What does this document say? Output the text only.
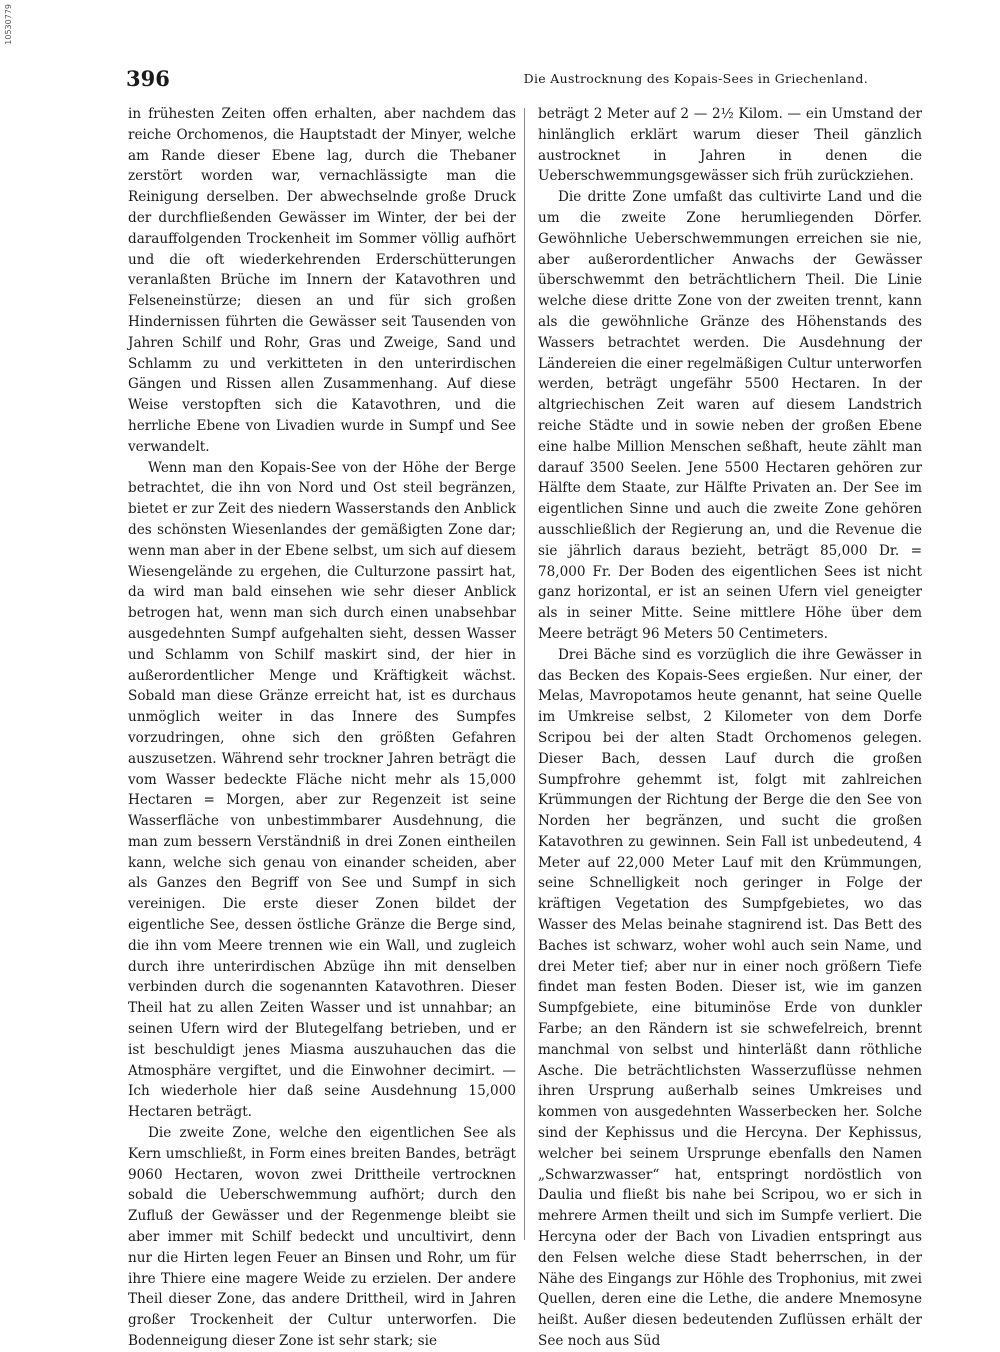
10530779
396	Die Austrocknung des Kopais-Sees in Griechenland.

in frühesten Zeiten offen erhalten, aber nachdem das reiche Orchomenos, die Hauptstadt der Minyer, welche am Rande dieser Ebene lag, durch die Thebaner zerstört worden war, vernachlässigte man die Reinigung derselben. Der abwechselnde große Druck der durchfließenden Gewässer im Winter, der bei der darauffolgenden Trockenheit im Sommer völlig aufhört und die oft wiederkehrenden Erderschütterungen veranlaßten Brüche im Innern der Katavothren und Felseneinstürze; diesen an und für sich großen Hindernissen führten die Gewässer seit Tausenden von Jahren Schilf und Rohr, Gras und Zweige, Sand und Schlamm zu und verkitteten in den unterirdischen Gängen und Rissen allen Zusammenhang. Auf diese Weise verstopften sich die Katavothren, und die herrliche Ebene von Livadien wurde in Sumpf und See verwandelt.

Wenn man den Kopais-See von der Höhe der Berge betrachtet, die ihn von Nord und Ost steil begränzen, bietet er zur Zeit des niedern Wasserstands den Anblick des schönsten Wiesenlandes der gemäßigten Zone dar; wenn man aber in der Ebene selbst, um sich auf diesem Wiesengelände zu ergehen, die Culturzone passirt hat, da wird man bald einsehen wie sehr dieser Anblick betrogen hat, wenn man sich durch einen unabsehbar ausgedehnten Sumpf aufgehalten sieht, dessen Wasser und Schlamm von Schilf maskirt sind, der hier in außerordentlicher Menge und Kräftigkeit wächst. Sobald man diese Gränze erreicht hat, ist es durchaus unmöglich weiter in das Innere des Sumpfes vorzudringen, ohne sich den größten Gefahren auszusetzen. Während sehr trockner Jahren beträgt die vom Wasser bedeckte Fläche nicht mehr als 15,000 Hectaren = Morgen, aber zur Regenzeit ist seine Wasserfläche von unbestimmbarer Ausdehnung, die man zum bessern Verständniß in drei Zonen eintheilen kann, welche sich genau von einander scheiden, aber als Ganzes den Begriff von See und Sumpf in sich vereinigen. Die erste dieser Zonen bildet der eigentliche See, dessen östliche Gränze die Berge sind, die ihn vom Meere trennen wie ein Wall, und zugleich durch ihre unterirdischen Abzüge ihn mit denselben verbinden durch die sogenannten Katavothren. Dieser Theil hat zu allen Zeiten Wasser und ist unnahbar; an seinen Ufern wird der Blutegelfang betrieben, und er ist beschuldigt jenes Miasma auszuhauchen das die Atmosphäre vergiftet, und die Einwohner decimirt. — Ich wiederhole hier daß seine Ausdehnung 15,000 Hectaren beträgt.

Die zweite Zone, welche den eigentlichen See als Kern umschließt, in Form eines breiten Bandes, beträgt 9060 Hectaren, wovon zwei Drittheile vertrocknen sobald die Ueberschwemmung aufhört; durch den Zufluß der Gewässer und der Regenmenge bleibt sie aber immer mit Schilf bedeckt und uncultivirt, denn nur die Hirten legen Feuer an Binsen und Rohr, um für ihre Thiere eine magere Weide zu erzielen. Der andere Theil dieser Zone, das andere Drittheil, wird in Jahren großer Trockenheit der Cultur unterworfen. Die Bodenneigung dieser Zone ist sehr stark; sie

beträgt 2 Meter auf 2 — 2½ Kilom. — ein Umstand der hinlänglich erklärt warum dieser Theil gänzlich austrocknet in Jahren in denen die Ueberschwemmungsgewässer sich früh zurückziehen.

Die dritte Zone umfaßt das cultivirte Land und die um die zweite Zone herumliegenden Dörfer. Gewöhnliche Ueberschwemmungen erreichen sie nie, aber außerordentlicher Anwachs der Gewässer überschwemmt den beträchtlichern Theil. Die Linie welche diese dritte Zone von der zweiten trennt, kann als die gewöhnliche Gränze des Höhenstands des Wassers betrachtet werden. Die Ausdehnung der Ländereien die einer regelmäßigen Cultur unterworfen werden, beträgt ungefähr 5500 Hectaren. In der altgriechischen Zeit waren auf diesem Landstrich reiche Städte und in sowie neben der großen Ebene eine halbe Million Menschen seßhaft, heute zählt man darauf 3500 Seelen. Jene 5500 Hectaren gehören zur Hälfte dem Staate, zur Hälfte Privaten an. Der See im eigentlichen Sinne und auch die zweite Zone gehören ausschließlich der Regierung an, und die Revenue die sie jährlich daraus bezieht, beträgt 85,000 Dr. = 78,000 Fr. Der Boden des eigentlichen Sees ist nicht ganz horizontal, er ist an seinen Ufern viel geneigter als in seiner Mitte. Seine mittlere Höhe über dem Meere beträgt 96 Meters 50 Centimeters.

Drei Bäche sind es vorzüglich die ihre Gewässer in das Becken des Kopais-Sees ergießen. Nur einer, der Melas, Mavropotamos heute genannt, hat seine Quelle im Umkreise selbst, 2 Kilometer von dem Dorfe Scripou bei der alten Stadt Orchomenos gelegen. Dieser Bach, dessen Lauf durch die großen Sumpfrohre gehemmt ist, folgt mit zahlreichen Krümmungen der Richtung der Berge die den See von Norden her begränzen, und sucht die großen Katavothren zu gewinnen. Sein Fall ist unbedeutend, 4 Meter auf 22,000 Meter Lauf mit den Krümmungen, seine Schnelligkeit noch geringer in Folge der kräftigen Vegetation des Sumpfgebietes, wo das Wasser des Melas beinahe stagnirend ist. Das Bett des Baches ist schwarz, woher wohl auch sein Name, und drei Meter tief; aber nur in einer noch größern Tiefe findet man festen Boden. Dieser ist, wie im ganzen Sumpfgebiete, eine bituminöse Erde von dunkler Farbe; an den Rändern ist sie schwefelreich, brennt manchmal von selbst und hinterläßt dann röthliche Asche. Die beträchtlichsten Wasserzuflüsse nehmen ihren Ursprung außerhalb seines Umkreises und kommen von ausgedehnten Wasserbecken her. Solche sind der Kephissus und die Hercyna. Der Kephissus, welcher bei seinem Ursprunge ebenfalls den Namen „Schwarzwasser“ hat, entspringt nordöstlich von Daulia und fließt bis nahe bei Scripou, wo er sich in mehrere Armen theilt und sich im Sumpfe verliert. Die Hercyna oder der Bach von Livadien entspringt aus den Felsen welche diese Stadt beherrschen, in der Nähe des Eingangs zur Höhle des Trophonius, mit zwei Quellen, deren eine die Lethe, die andere Mnemosyne heißt. Außer diesen bedeutenden Zuflüssen erhält der See noch aus Süd
